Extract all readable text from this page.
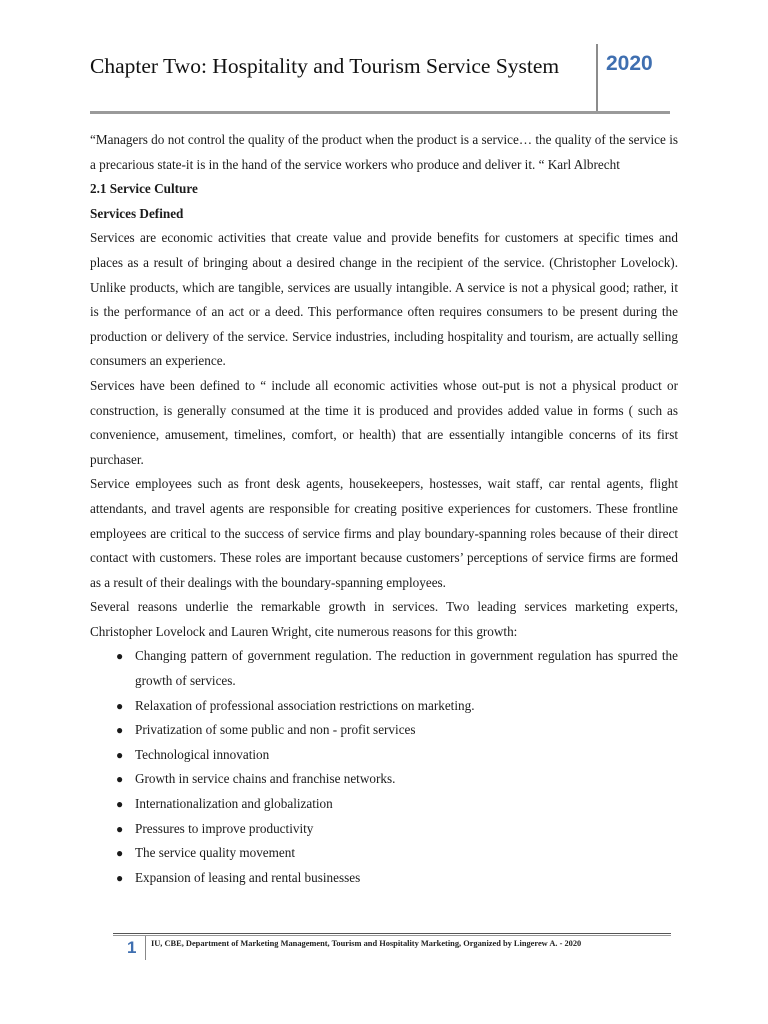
Chapter Two: Hospitality and Tourism Service System	2020

“Managers do not control the quality of the product when the product is a service… the quality of the service is a precarious state-it is in the hand of the service workers who produce and deliver it. “ Karl Albrecht

2.1 Service Culture

Services Defined

Services are economic activities that create value and provide benefits for customers at specific times and places as a result of bringing about a desired change in the recipient of the service. (Christopher Lovelock). Unlike products, which are tangible, services are usually intangible. A service is not a physical good; rather, it is the performance of an act or a deed. This performance often requires consumers to be present during the production or delivery of the service. Service industries, including hospitality and tourism, are actually selling consumers an experience.

Services have been defined to “ include all economic activities whose out-put is not a physical product or construction, is generally consumed at the time it is produced and provides added value in forms ( such as convenience, amusement, timelines, comfort, or health) that are essentially intangible concerns of its first purchaser.

Service employees such as front desk agents, housekeepers, hostesses, wait staff, car rental agents, flight attendants, and travel agents are responsible for creating positive experiences for customers. These frontline employees are critical to the success of service firms and play boundary-spanning roles because of their direct contact with customers. These roles are important because customers’ perceptions of service firms are formed as a result of their dealings with the boundary-spanning employees.

Several reasons underlie the remarkable growth in services. Two leading services marketing experts, Christopher Lovelock and Lauren Wright, cite numerous reasons for this growth:

● Changing pattern of government regulation. The reduction in government regulation has spurred the growth of services.
● Relaxation of professional association restrictions on marketing.
● Privatization of some public and non - profit services
● Technological innovation
● Growth in service chains and franchise networks.
● Internationalization and globalization
● Pressures to improve productivity
● The service quality movement
● Expansion of leasing and rental businesses
1 IU, CBE, Department of Marketing Management, Tourism and Hospitality Marketing, Organized by Lingerew A. - 2020
